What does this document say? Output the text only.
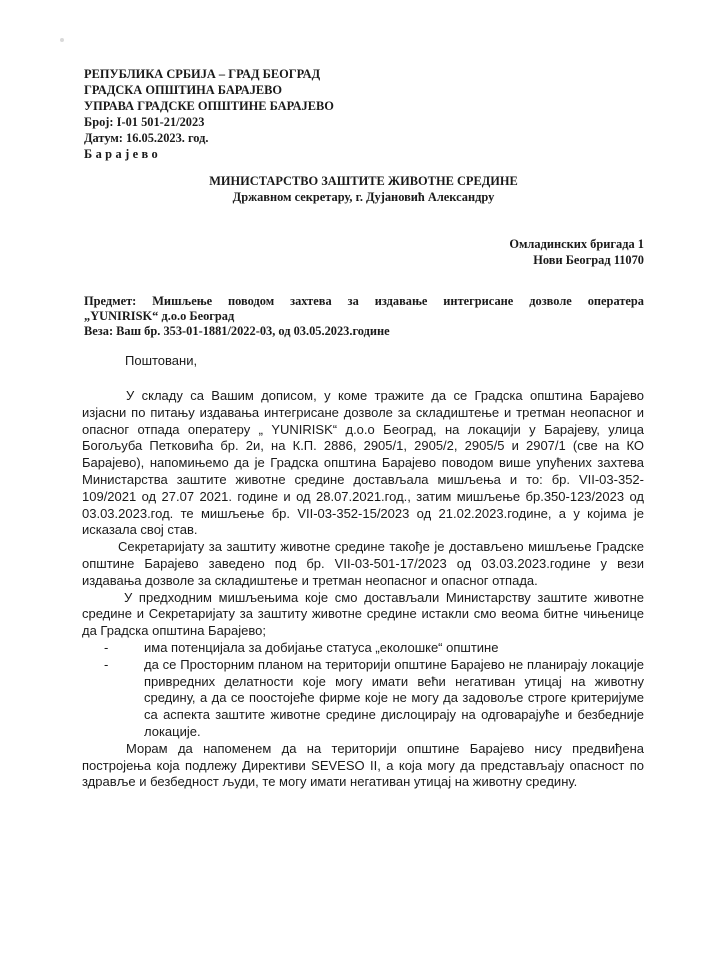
РЕПУБЛИКА СРБИЈА – ГРАД БЕОГРАД
ГРАДСКА ОПШТИНА БАРАЈЕВО
УПРАВА ГРАДСКЕ ОПШТИНЕ БАРАЈЕВО
Број: I-01 501-21/2023
Датум: 16.05.2023. год.
Барајево
МИНИСТАРСТВО ЗАШТИТЕ ЖИВОТНЕ СРЕДИНЕ
Државном секретару, г. Дујановић Александру
Омладинских бригада 1
Нови Београд 11070
Предмет: Мишљење поводом захтева за издавање интегрисане дозволе оператера
„YUNIRISK“ д.о.о Београд
Веза: Ваш бр. 353-01-1881/2022-03, од 03.05.2023.године
Поштовани,

У складу са Вашим дописом, у коме тражите да се Градска општина Барајево изјасни по питању издавања интегрисане дозволе за складиштење и третман неопасног и опасног отпада оператеру „ YUNIRISK“ д.о.о Београд, на локацији у Барајеву, улица Богољуба Петковића бр. 2и, на К.П. 2886, 2905/1, 2905/2, 2905/5 и 2907/1 (све на КО Барајево), напомињемо да је Градска општина Барајево поводом више упућених захтева Министарства заштите животне средине достављала мишљења и то: бр. VII-03-352-109/2021 од 27.07 2021. године и од 28.07.2021.год., затим мишљење бр.350-123/2023 од 03.03.2023.год. те мишљење бр. VII-03-352-15/2023 од 21.02.2023.године, а у којима је исказала свој став.

Секретаријату за заштиту животне средине такође је достављено мишљење Градске општине Барајево заведено под бр. VII-03-501-17/2023 од 03.03.2023.године у вези издавања дозволе за складиштење и третман неопасног и опасног отпада.

У предходним мишљењима које смо достављали Министарству заштите животне средине и Секретаријату за заштиту животне средине истакли смо веома битне чињенице да Градска општина Барајево;

- има потенцијала за добијање статуса „еколошке“ општине
- да се Просторним планом на територији општине Барајево не планирају локације привредних делатности које могу имати већи негативан утицај на животну средину, а да се поостојеће фирме које не могу да задовоље строге критеријуме са аспекта заштите животне средине дислоцирају на одговарајуће и безбедније локације.

Морам да напоменем да на територији општине Барајево нису предвиђена постројења која подлежу Директиви SEVESO II, а која могу да представљају опасност по здравље и безбедност људи, те могу имати негативан утицај на животну средину.
